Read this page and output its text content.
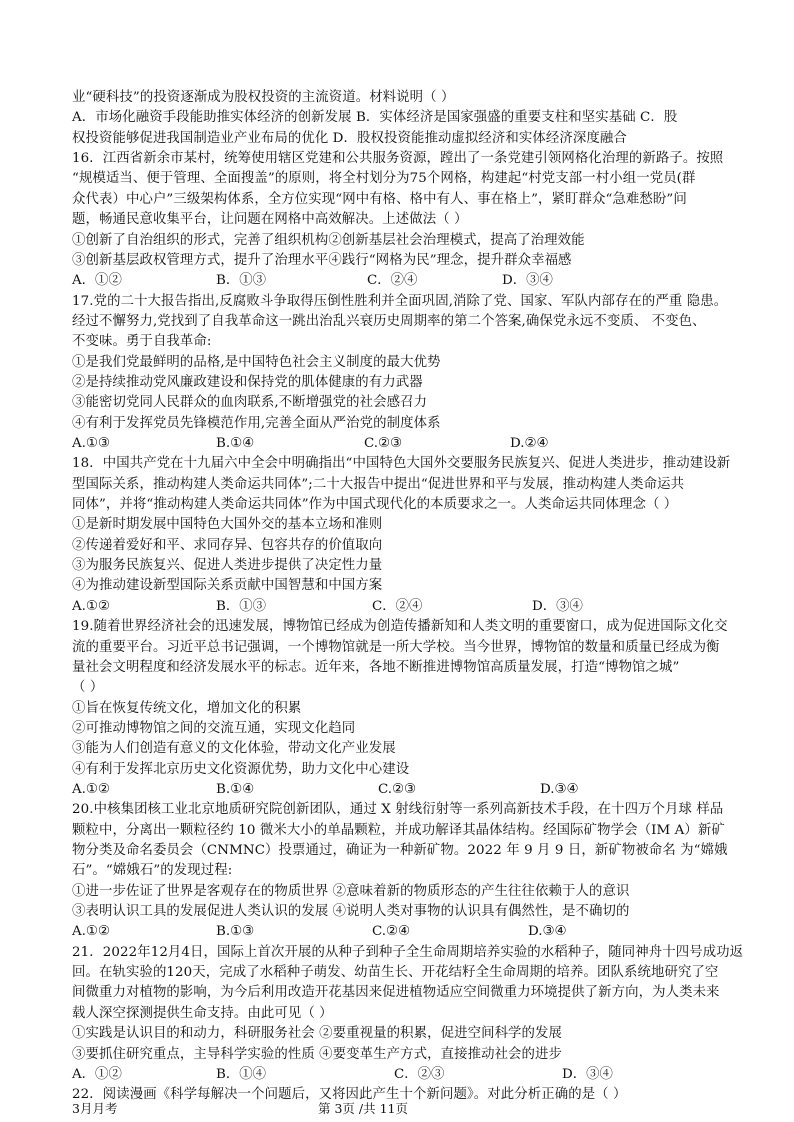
业“硬科技”的投资逐渐成为股权投资的主流资道。材料说明（ ）
A．市场化融资手段能助推实体经济的创新发展 B．实体经济是国家强盛的重要支柱和坚实基础 C．股
权投资能够促进我国制造业产业布局的优化 D．股权投资能推动虚拟经济和实体经济深度融合
16．江西省新余市某村，统筹使用辖区党建和公共服务资源，蹚出了一条党建引领网格化治理的新路子。按照
“规模适当、便于管理、全面搜盖”的原则，将全村划分为75个网格，构建起“村党支部一村小组一党员(群
众代表）中心户”三级架构体系，全方位实现“网中有格、格中有人、事在格上”，紧盯群众“急难愁盼”问
题，畅通民意收集平台，让问题在网格中高效解决。上述做法（ ）
①创新了自治组织的形式，完善了组织机构②创新基层社会治理模式，提高了治理效能
③创新基层政权管理方式，提升了治理水平④践行“网格为民”理念，提升群众幸福感
A．①②	B．①③	C．②④	D．③④
17.党的二十大报告指出,反腐败斗争取得压倒性胜利并全面巩固,消除了党、国家、军队内部存在的严重 隐患。
经过不懈努力,党找到了自我革命这一跳出治乱兴衰历史周期率的第二个答案,确保党永远不变质、 不变色、
不变味。勇于自我革命:
①是我们党最鲜明的品格,是中国特色社会主义制度的最大优势
②是持续推动党风廉政建设和保持党的肌体健康的有力武器
③能密切党同人民群众的血肉联系,不断增强党的社会感召力
④有利于发挥党员先锋模范作用,完善全面从严治党的制度体系
A.①③	B.①④	C.②③	D.②④
18．中国共产党在十九届六中全会中明确指出“中国特色大国外交要服务民族复兴、促进人类进步，推动建设新
型国际关系，推动构建人类命运共同体”;二十大报告中提出“促进世界和平与发展，推动构建人类命运共
同体”，并将“推动构建人类命运共同体”作为中国式现代化的本质要求之一。人类命运共同体理念（ ）
①是新时期发展中国特色大国外交的基本立场和准则
②传递着爱好和平、求同存异、包容共存的价值取向
③为服务民族复兴、促进人类进步提供了决定性力量
④为推动建设新型国际关系贡献中国智慧和中国方案
A.①②	B．①③	C．②④	D．③④
19.随着世界经济社会的迅速发展，博物馆已经成为创造传播新知和人类文明的重要窗口，成为促进国际文化交
流的重要平台。习近平总书记强调，一个博物馆就是一所大学校。当今世界，博物馆的数量和质量已经成为衡
量社会文明程度和经济发展水平的标志。近年来，各地不断推进博物馆高质量发展，打造“博物馆之城”
（ ）
①旨在恢复传统文化，增加文化的积累
②可推动博物馆之间的交流互通，实现文化趋同
③能为人们创造有意义的文化体验，带动文化产业发展
④有利于发挥北京历史文化资源优势，助力文化中心建设
A.①②	B.①④	C.②③	D.③④
20.中核集团核工业北京地质研究院创新团队，通过 X 射线衍射等一系列高新技术手段，在十四万个月球 样品
颗粒中，分离出一颗粒径约 10 微米大小的单晶颗粒，并成功解译其晶体结构。经国际矿物学会（IM A）新矿
物分类及命名委员会（CNMNC）投票通过，确证为一种新矿物。2022 年 9 月 9 日，新矿物被命名 为“嫦娥
石”。“嫦娥石”的发现过程:
①进一步佐证了世界是客观存在的物质世界 ②意味着新的物质形态的产生往往依赖于人的意识
③表明认识工具的发展促进人类认识的发展 ④说明人类对事物的认识具有偶然性，是不确切的
A.①②	B.①③	C.②④	D.③④
21．2022年12月4日，国际上首次开展的从种子到种子全生命周期培养实验的水稻种子，随同神舟十四号成功返
回。在轨实验的120天，完成了水稻种子萌发、幼苗生长、开花结籽全生命周期的培养。团队系统地研究了空
间微重力对植物的影响，为今后利用改造开花基因来促进植物适应空间微重力环境提供了新方向，为人类未来
载人深空探测提供生命支持。由此可见（ ）
①实践是认识目的和动力，科研服务社会 ②要重视量的积累，促进空间科学的发展
③要抓住研究重点，主导科学实验的性质 ④要变革生产方式，直接推动社会的进步
A．①②	B．①④	C．②③	D．③④
22．阅读漫画《科学每解决一个问题后，又将因此产生十个新问题》。对此分析正确的是（ ）
3月月考	第 3页 /共 11页
